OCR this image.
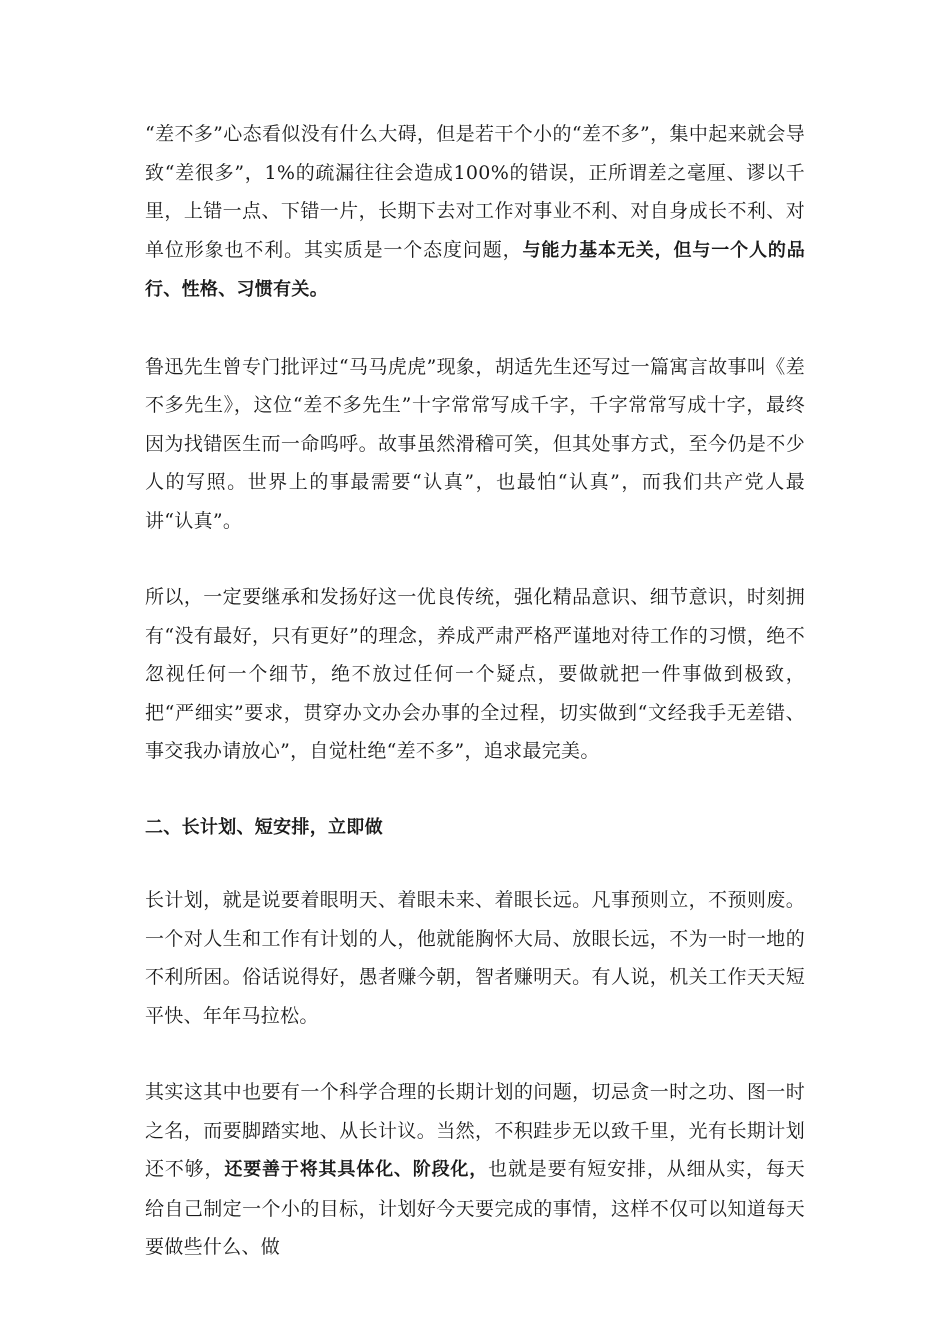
“差不多”心态看似没有什么大碍，但是若干个小的“差不多”，集中起来就会导致“差很多”，1%的疏漏往往会造成100%的错误，正所谓差之毫厘、谬以千里，上错一点、下错一片，长期下去对工作对事业不利、对自身成长不利、对单位形象也不利。其实质是一个态度问题，与能力基本无关，但与一个人的品行、性格、习惯有关。

鲁迅先生曾专门批评过“马马虎虎”现象，胡适先生还写过一篇寓言故事叫《差不多先生》，这位“差不多先生”十字常常写成千字，千字常常写成十字，最终因为找错医生而一命呜呼。故事虽然滑稽可笑，但其处事方式，至今仍是不少人的写照。世界上的事最需要“认真”，也最怕“认真”，而我们共产党人最讲“认真”。

所以，一定要继承和发扬好这一优良传统，强化精品意识、细节意识，时刻拥有“没有最好，只有更好”的理念，养成严肃严格严谨地对待工作的习惯，绝不忽视任何一个细节，绝不放过任何一个疑点，要做就把一件事做到极致，把“严细实”要求，贯穿办文办会办事的全过程，切实做到“文经我手无差错、事交我办请放心”，自觉杜绝“差不多”，追求最完美。

二、长计划、短安排，立即做

长计划，就是说要着眼明天、着眼未来、着眼长远。凡事预则立，不预则废。一个对人生和工作有计划的人，他就能胸怀大局、放眼长远，不为一时一地的不利所困。俗话说得好，愚者赚今朝，智者赚明天。有人说，机关工作天天短平快、年年马拉松。

其实这其中也要有一个科学合理的长期计划的问题，切忌贪一时之功、图一时之名，而要脚踏实地、从长计议。当然，不积跬步无以致千里，光有长期计划还不够，还要善于将其具体化、阶段化，也就是要有短安排，从细从实，每天给自己制定一个小的目标，计划好今天要完成的事情，这样不仅可以知道每天要做些什么、做
